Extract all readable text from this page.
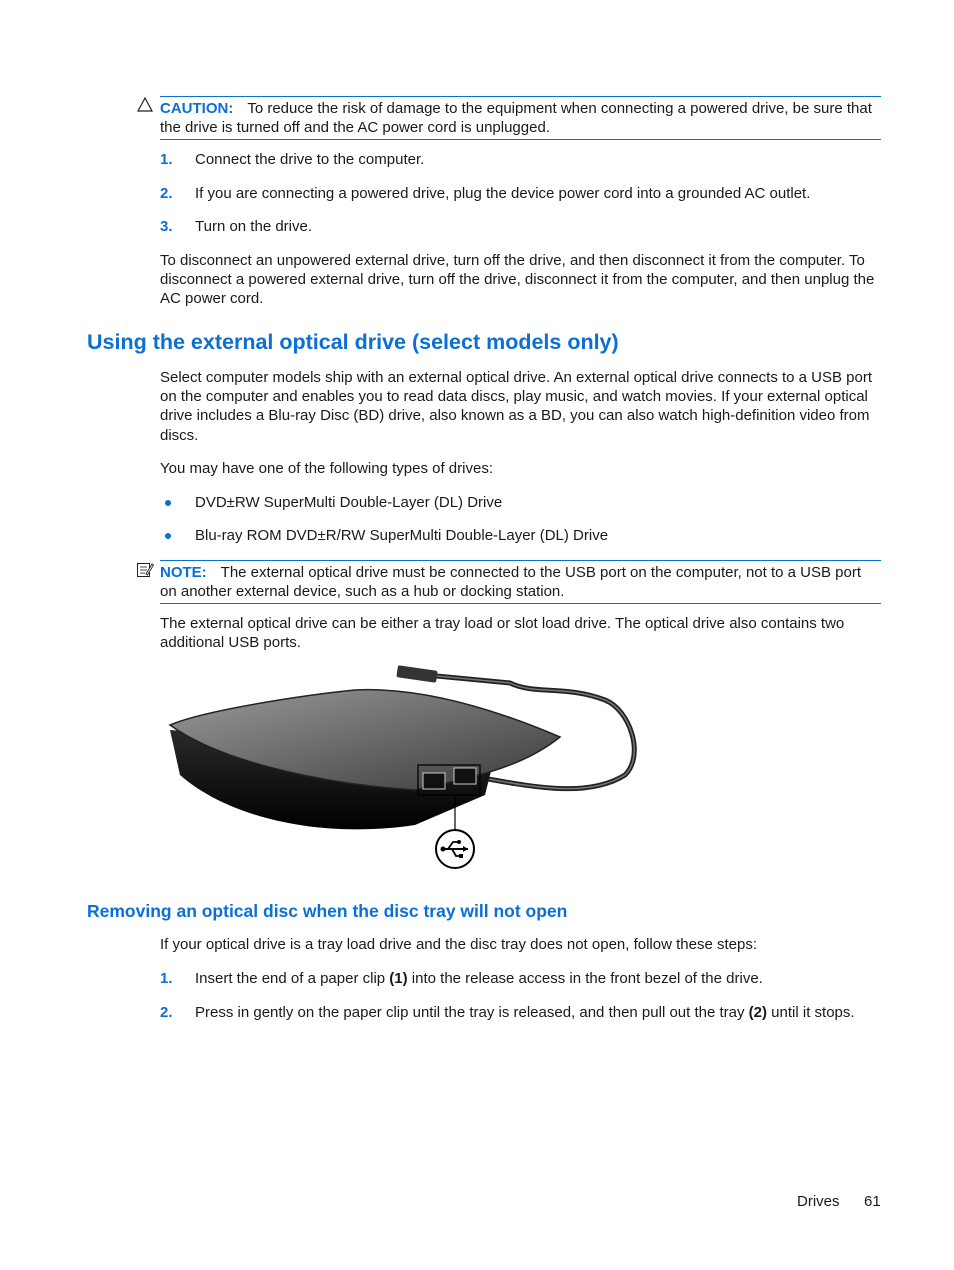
CAUTION: To reduce the risk of damage to the equipment when connecting a powered drive, be sure that the drive is turned off and the AC power cord is unplugged.
1. Connect the drive to the computer.
2. If you are connecting a powered drive, plug the device power cord into a grounded AC outlet.
3. Turn on the drive.
To disconnect an unpowered external drive, turn off the drive, and then disconnect it from the computer. To disconnect a powered external drive, turn off the drive, disconnect it from the computer, and then unplug the AC power cord.
Using the external optical drive (select models only)
Select computer models ship with an external optical drive. An external optical drive connects to a USB port on the computer and enables you to read data discs, play music, and watch movies. If your external optical drive includes a Blu-ray Disc (BD) drive, also known as a BD, you can also watch high-definition video from discs.
You may have one of the following types of drives:
DVD±RW SuperMulti Double-Layer (DL) Drive
Blu-ray ROM DVD±R/RW SuperMulti Double-Layer (DL) Drive
NOTE: The external optical drive must be connected to the USB port on the computer, not to a USB port on another external device, such as a hub or docking station.
The external optical drive can be either a tray load or slot load drive. The optical drive also contains two additional USB ports.
Removing an optical disc when the disc tray will not open
If your optical drive is a tray load drive and the disc tray does not open, follow these steps:
1. Insert the end of a paper clip (1) into the release access in the front bezel of the drive.
2. Press in gently on the paper clip until the tray is released, and then pull out the tray (2) until it stops.
Drives 61
